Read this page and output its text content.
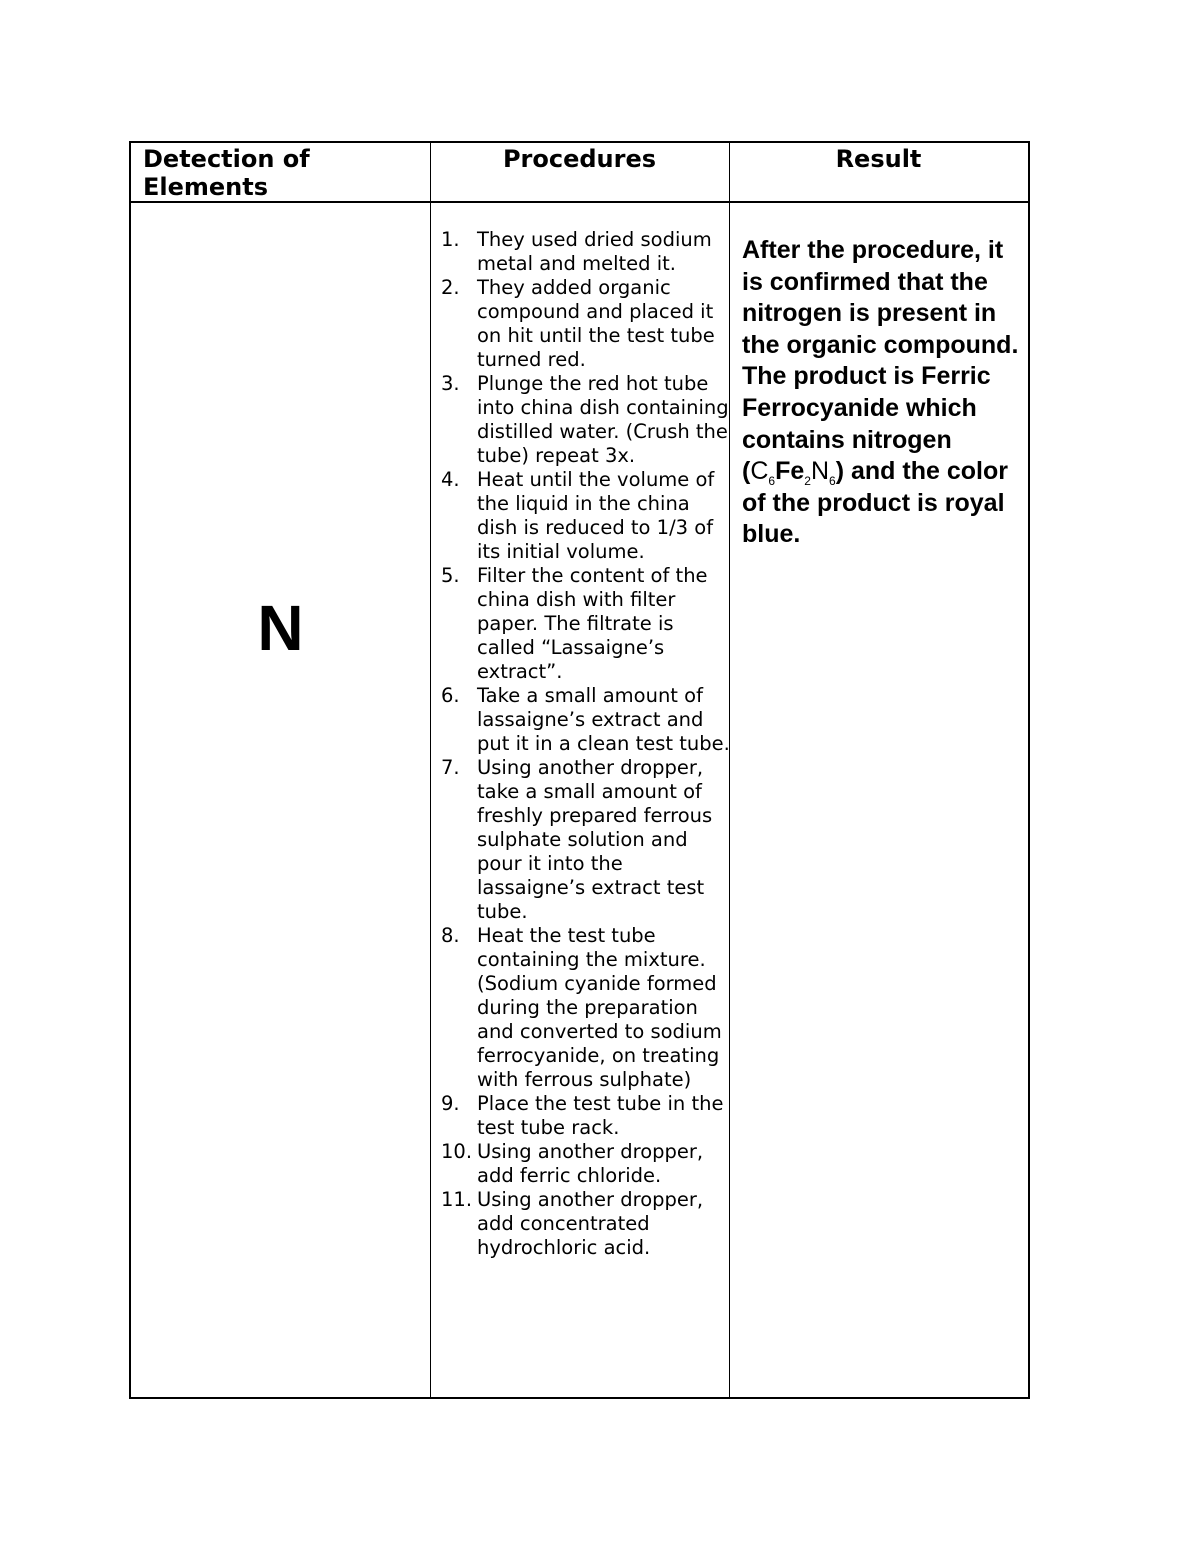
Detection of Elements
Procedures	Result
N
1. They used dried sodium metal and melted it.
2. They added organic compound and placed it on hit until the test tube turned red.
3. Plunge the red hot tube into china dish containing distilled water. (Crush the tube) repeat 3x.
4. Heat until the volume of the liquid in the china dish is reduced to 1/3 of its initial volume.
5. Filter the content of the china dish with filter paper. The filtrate is called “Lassaigne’s extract”.
6. Take a small amount of lassaigne’s extract and put it in a clean test tube.
7. Using another dropper, take a small amount of freshly prepared ferrous sulphate solution and pour it into the lassaigne’s extract test tube.
8. Heat the test tube containing the mixture. (Sodium cyanide formed during the preparation and converted to sodium ferrocyanide, on treating with ferrous sulphate)
9. Place the test tube in the test tube rack.
10. Using another dropper, add ferric chloride.
11. Using another dropper, add concentrated hydrochloric acid.
After the procedure, it is confirmed that the nitrogen is present in the organic compound. The product is Ferric Ferrocyanide which contains nitrogen $(C_6Fe_2N_6)$ and the color of the product is royal blue.
